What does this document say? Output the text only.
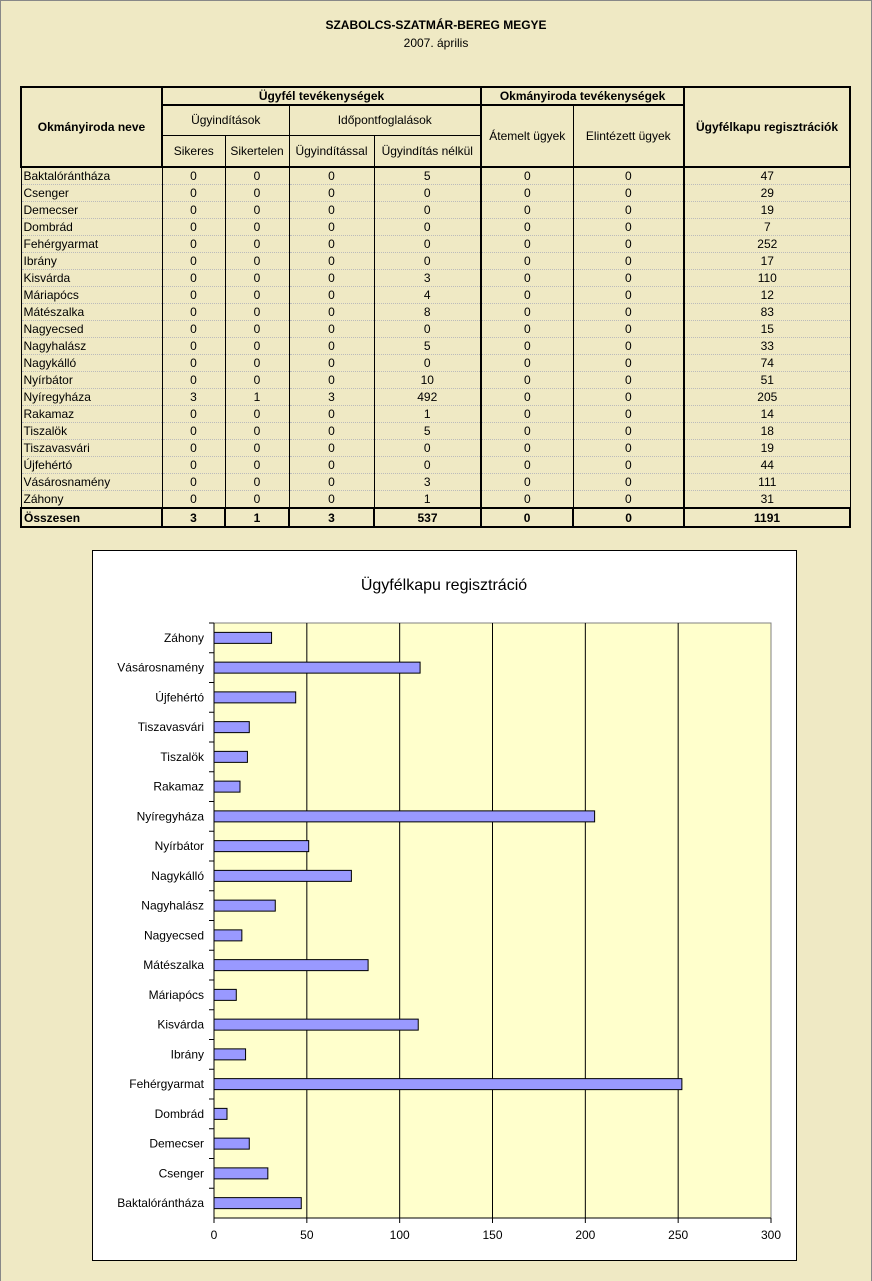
SZABOLCS-SZATMÁR-BEREG MEGYE
2007. április
Okmányiroda neve	Ügyfél tevékenységek				Okmányiroda tevékenységek		Ügyfélkapu regisztrációk
	Ügyindítások		Időpontfoglalások		Átemelt ügyek	Elintézett ügyek	
	Sikeres	Sikertelen	Ügyindítással	Ügyindítás nélkül			
Baktalórántháza	0	0	0	5	0	0	47
Csenger	0	0	0	0	0	0	29
Demecser	0	0	0	0	0	0	19
Dombrád	0	0	0	0	0	0	7
Fehérgyarmat	0	0	0	0	0	0	252
Ibrány	0	0	0	0	0	0	17
Kisvárda	0	0	0	3	0	0	110
Máriapócs	0	0	0	4	0	0	12
Mátészalka	0	0	0	8	0	0	83
Nagyecsed	0	0	0	0	0	0	15
Nagyhalász	0	0	0	5	0	0	33
Nagykálló	0	0	0	0	0	0	74
Nyírbátor	0	0	0	10	0	0	51
Nyíregyháza	3	1	3	492	0	0	205
Rakamaz	0	0	0	1	0	0	14
Tiszalök	0	0	0	5	0	0	18
Tiszavasvári	0	0	0	0	0	0	19
Újfehértó	0	0	0	0	0	0	44
Vásárosnamény	0	0	0	3	0	0	111
Záhony	0	0	0	1	0	0	31
Összesen	3	1	3	537	0	0	1191
Ügyfélkapu regisztráció
0	50	100	150	200	250	300
Záhony
Vásárosnamény
Újfehértó
Tiszavasvári
Tiszalök
Rakamaz
Nyíregyháza
Nyírbátor
Nagykálló
Nagyhalász
Nagyecsed
Mátészalka
Máriapócs
Kisvárda
Ibrány
Fehérgyarmat
Dombrád
Demecser
Csenger
Baktalórántháza
